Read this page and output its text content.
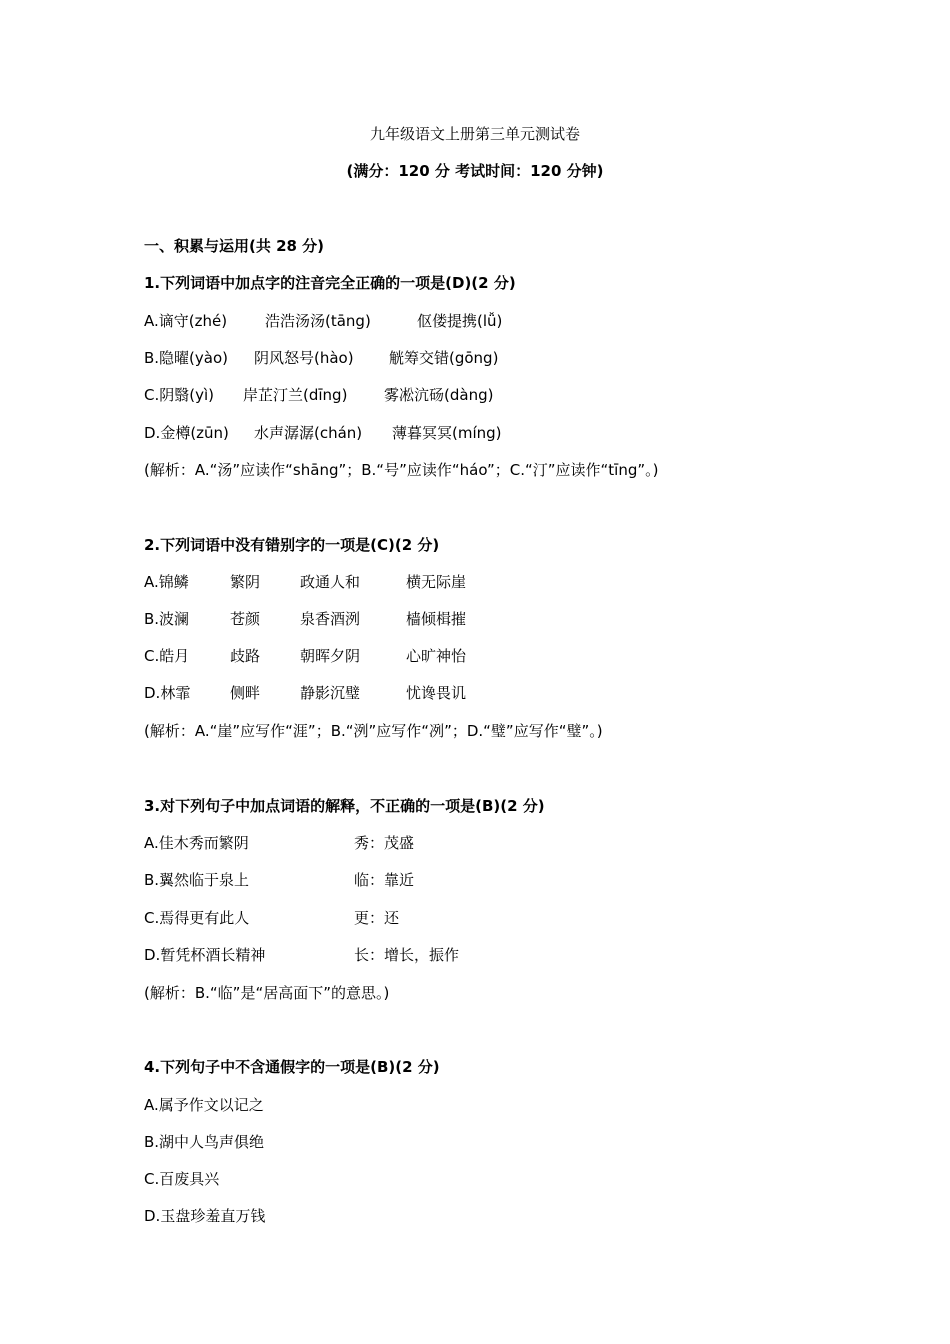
九年级语文上册第三单元测试卷
(满分：120 分 考试时间：120 分钟)
一、积累与运用(共 28 分)
1.下列词语中加点字的注音完全正确的一项是(D)(2 分)
A.谪守(zhé)	浩浩汤汤(tāng)	伛偻提携(lǚ)
B.隐曜(yào) 阴风怒号(hào) 觥筹交错(gōng)
C.阴翳(yì) 岸芷汀兰(dīng) 雾凇沆砀(dàng)
D.金樽(zūn) 水声潺潺(chán) 薄暮冥冥(míng)
(解析：A.“汤”应读作“shāng”；B.“号”应读作“háo”；C.“汀”应读作“tīng”。)
2.下列词语中没有错别字的一项是(C)(2 分)
A.锦鳞	繁阴	政通人和	横无际崖
B.波澜	苍颜	泉香酒洌	樯倾楫摧
C.皓月	歧路	朝晖夕阴	心旷神怡
D.林霏	侧畔	静影沉璧	忧谗畏讥
(解析：A.“崖”应写作“涯”；B.“洌”应写作“冽”；D.“璧”应写作“璧”。)
3.对下列句子中加点词语的解释，不正确的一项是(B)(2 分)
A.佳木秀而繁阴	秀：茂盛
B.翼然临于泉上	临：靠近
C.焉得更有此人	更：还
D.暂凭杯酒长精神	长：增长，振作
(解析：B.“临”是“居高面下”的意思。)
4.下列句子中不含通假字的一项是(B)(2 分)
A.属予作文以记之
B.湖中人鸟声俱绝
C.百废具兴
D.玉盘珍羞直万钱
